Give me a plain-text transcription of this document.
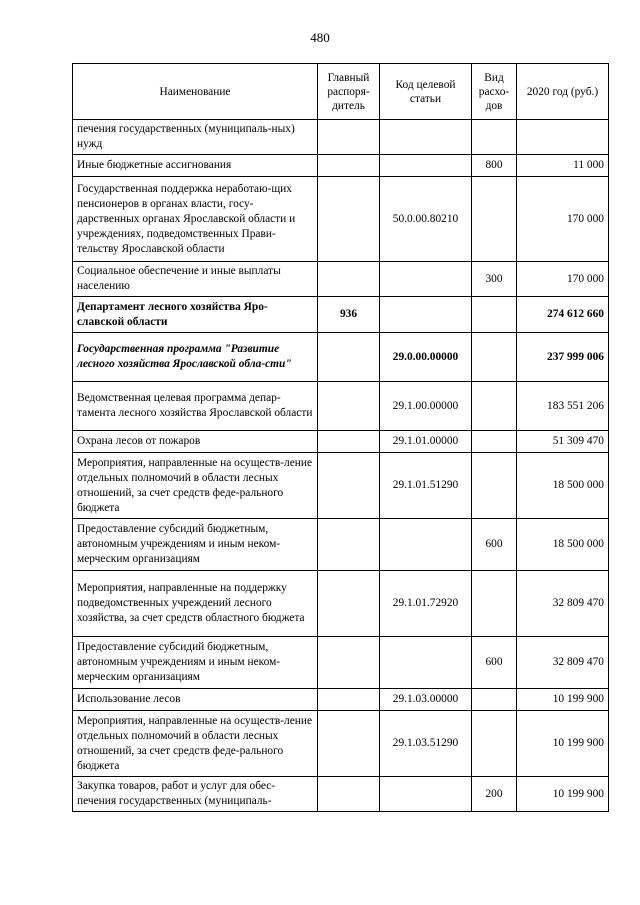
480
Наименование	Главный распоря-дитель	Код целевой статьи	Вид расхо-дов	2020 год (руб.)
печения государственных (муниципаль-ных) нужд				
Иные бюджетные ассигнования			800	11 000
Государственная поддержка неработаю-щих пенсионеров в органах власти, госу-дарственных органах Ярославской области и учреждениях, подведомственных Прави-тельству Ярославской области		50.0.00.80210		170 000
Социальное обеспечение и иные выплаты населению			300	170 000
Департамент лесного хозяйства Яро-славской области	936			274 612 660
Государственная программа "Развитие лесного хозяйства Ярославской обла-сти"		29.0.00.00000		237 999 006
Ведомственная целевая программа депар-тамента лесного хозяйства Ярославской области		29.1.00.00000		183 551 206
Охрана лесов от пожаров		29.1.01.00000		51 309 470
Мероприятия, направленные на осуществ-ление отдельных полномочий в области лесных отношений, за счет средств феде-рального бюджета		29.1.01.51290		18 500 000
Предоставление субсидий бюджетным, автономным учреждениям и иным неком-мерческим организациям			600	18 500 000
Мероприятия, направленные на поддержку подведомственных учреждений лесного хозяйства, за счет средств областного бюджета		29.1.01.72920		32 809 470
Предоставление субсидий бюджетным, автономным учреждениям и иным неком-мерческим организациям			600	32 809 470
Использование лесов		29.1.03.00000		10 199 900
Мероприятия, направленные на осуществ-ление отдельных полномочий в области лесных отношений, за счет средств феде-рального бюджета		29.1.03.51290		10 199 900
Закупка товаров, работ и услуг для обес-печения государственных (муниципаль-			200	10 199 900
